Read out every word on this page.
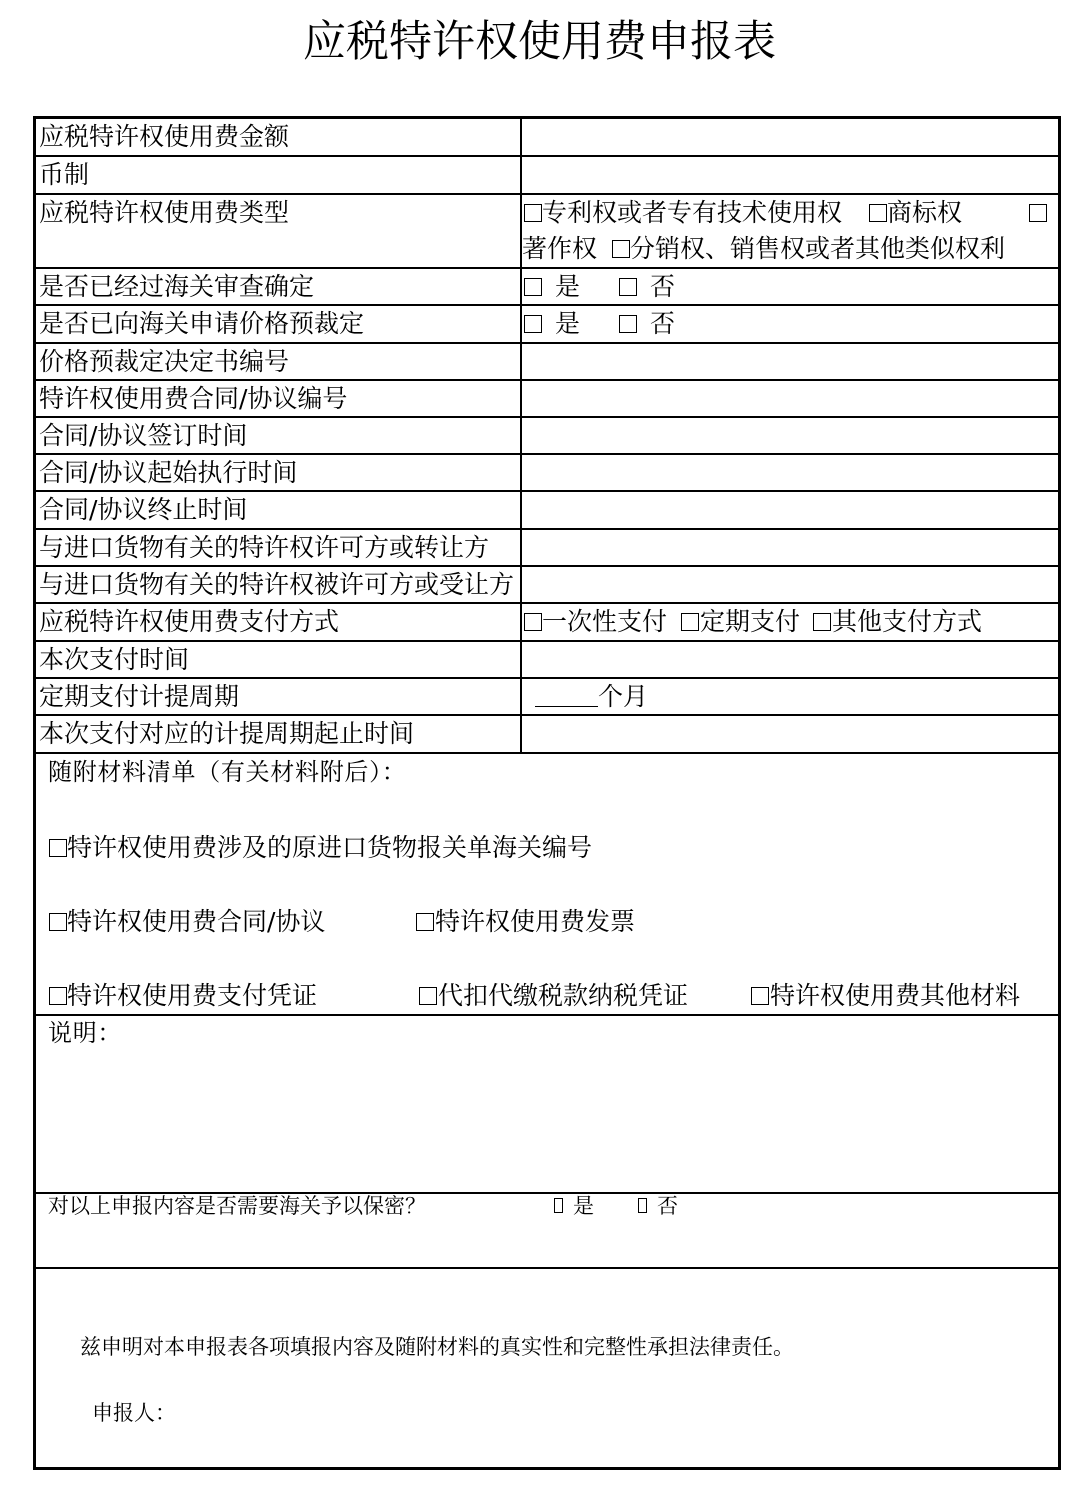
应税特许权使用费申报表
应税特许权使用费金额
币制
应税特许权使用费类型	专利权或者专有技术使用权 商标权
著作权 分销权、销售权或者其他类似权利
是否已经过海关审查确定	是	否
是否已向海关申请价格预裁定	是	否
价格预裁定决定书编号
特许权使用费合同/协议编号
合同/协议签订时间
合同/协议起始执行时间
合同/协议终止时间
与进口货物有关的特许权许可方或转让方
与进口货物有关的特许权被许可方或受让方
应税特许权使用费支付方式	一次性支付 定期支付 其他支付方式
本次支付时间
定期支付计提周期	个月
本次支付对应的计提周期起止时间
随附材料清单（有关材料附后）：
特许权使用费涉及的原进口货物报关单海关编号
特许权使用费合同/协议	特许权使用费发票
特许权使用费支付凭证	代扣代缴税款纳税凭证	特许权使用费其他材料
说明：
对以上申报内容是否需要海关予以保密？	是	否
兹申明对本申报表各项填报内容及随附材料的真实性和完整性承担法律责任。
申报人：
